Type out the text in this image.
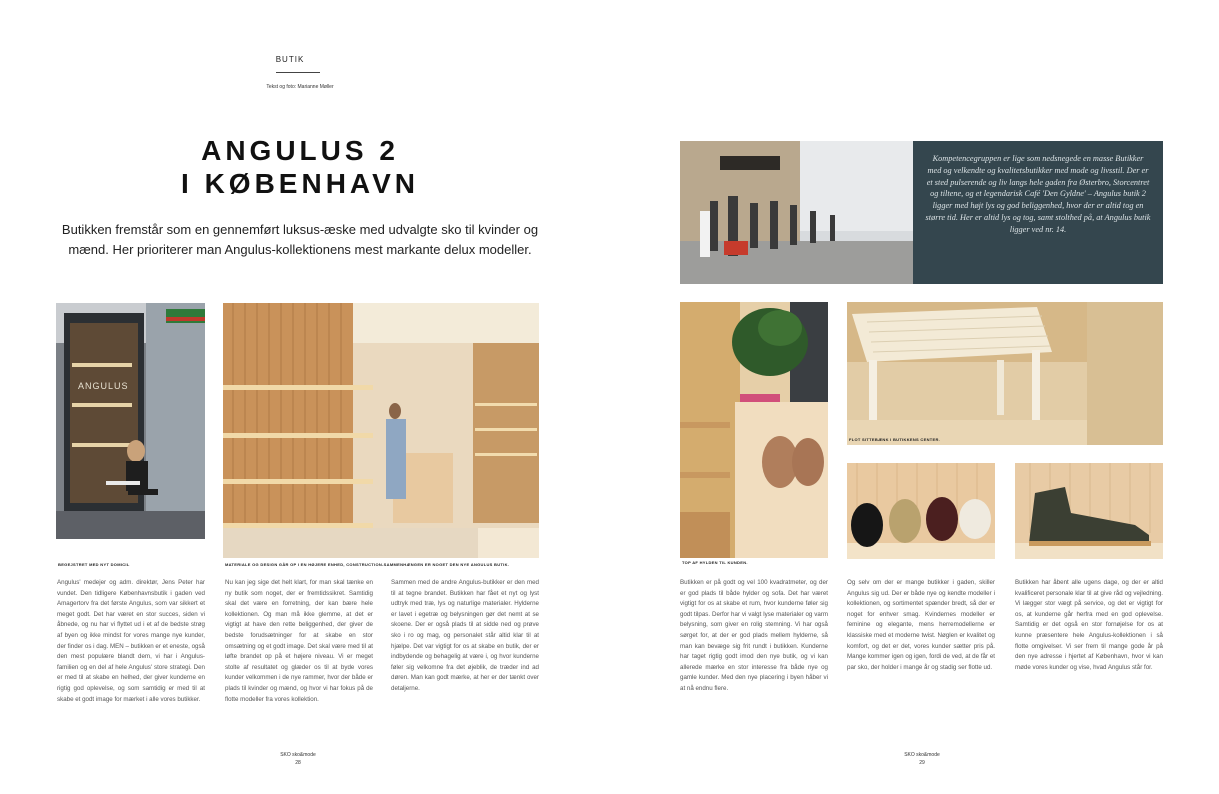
BUTIK
Tekst og foto: Marianne Møller
ANGULUS 2
I KØBENHAVN
Butikken fremstår som en gennemført luksus-æske med udvalgte sko til kvinder og mænd. Her prioriterer man Angulus-kollektionens mest markante delux modeller.
ANGULUS
BEGEJSTRET MED NYT DOMICIL	MATERIALE OG DESIGN GÅR OP I EN HØJERE ENHED, CONSTRUCTION-SAMMENHÆNGEN ER NOGET DEN NYE ANGULUS BUTIK.
Angulus' medejer og adm. direktør, Jens Peter har vundet. Den tidligere Københavnsbutik i gaden ved Amagertorv fra det første Angulus, som var sikkert et meget godt. Det har været en stor succes, siden vi åbnede, og nu har vi flyttet ud i et af de bedste strøg af byen og ikke mindst for vores mange nye kunder, der finder os i dag. MEN – butikken er et eneste, også den mest populære blandt dem, vi har i Angulus-familien og en del af hele Angulus' store strategi. Den er med til at skabe en helhed, der giver kunderne en rigtig god oplevelse, og som samtidig er med til at skabe et godt image for mærket i alle vores butikker.
Nu kan jeg sige det helt klart, for man skal tænke en ny butik som noget, der er fremtidssikret. Samtidig skal det være en forretning, der kan bære hele kollektionen. Og man må ikke glemme, at det er vigtigt at have den rette beliggenhed, der giver de bedste forudsætninger for at skabe en stor omsætning og et godt image. Det skal være med til at løfte brandet op på et højere niveau. Vi er meget stolte af resultatet og glæder os til at byde vores kunder velkommen i de nye rammer, hvor der både er plads til kvinder og mænd, og hvor vi har fokus på de flotte modeller fra vores kollektion.
Sammen med de andre Angulus-butikker er den med til at tegne brandet. Butikken har fået et nyt og lyst udtryk med træ, lys og naturlige materialer. Hylderne er lavet i egetræ og belysningen gør det nemt at se skoene. Der er også plads til at sidde ned og prøve sko i ro og mag, og personalet står altid klar til at hjælpe. Det var vigtigt for os at skabe en butik, der er indbydende og behagelig at være i, og hvor kunderne føler sig velkomne fra det øjeblik, de træder ind ad døren. Man kan godt mærke, at her er der tænkt over detaljerne.
SKO sko&mode
28
Kompetencegruppen er lige som nedsnegede en masse Butikker med og velkendte og kvalitetsbutikker med mode og livsstil. Der er et sted pulserende og liv langs hele gaden fra Østerbro, Storcentret og tiltene, og et legendarisk Café 'Den Gyldne' – Angulus butik 2 ligger med højt lys og god beliggenhed, hvor der er altid tog en større tid. Her er altid lys og tog, samt stolthed på, at Angulus butik ligger ved nr. 14.
TOP AF HYLDEN TIL KUNDEN.
FLOT SITTEBÆNK I BUTIKKENS CENTER.
Butikken er på godt og vel 100 kvadratmeter, og der er god plads til både hylder og sofa. Det har været vigtigt for os at skabe et rum, hvor kunderne føler sig godt tilpas. Derfor har vi valgt lyse materialer og varm belysning, som giver en rolig stemning. Vi har også sørget for, at der er god plads mellem hylderne, så man kan bevæge sig frit rundt i butikken. Kunderne har taget rigtig godt imod den nye butik, og vi kan allerede mærke en stor interesse fra både nye og gamle kunder. Med den nye placering i byen håber vi at nå endnu flere.
Og selv om der er mange butikker i gaden, skiller Angulus sig ud. Der er både nye og kendte modeller i kollektionen, og sortimentet spænder bredt, så der er noget for enhver smag. Kvindernes modeller er feminine og elegante, mens herremodellerne er klassiske med et moderne twist. Nøglen er kvalitet og komfort, og det er det, vores kunder sætter pris på. Mange kommer igen og igen, fordi de ved, at de får et par sko, der holder i mange år og stadig ser flotte ud.
Butikken har åbent alle ugens dage, og der er altid kvalificeret personale klar til at give råd og vejledning. Vi lægger stor vægt på service, og det er vigtigt for os, at kunderne går herfra med en god oplevelse. Samtidig er det også en stor fornøjelse for os at kunne præsentere hele Angulus-kollektionen i så flotte omgivelser. Vi ser frem til mange gode år på den nye adresse i hjertet af København, hvor vi kan møde vores kunder og vise, hvad Angulus står for.
SKO sko&mode
29
